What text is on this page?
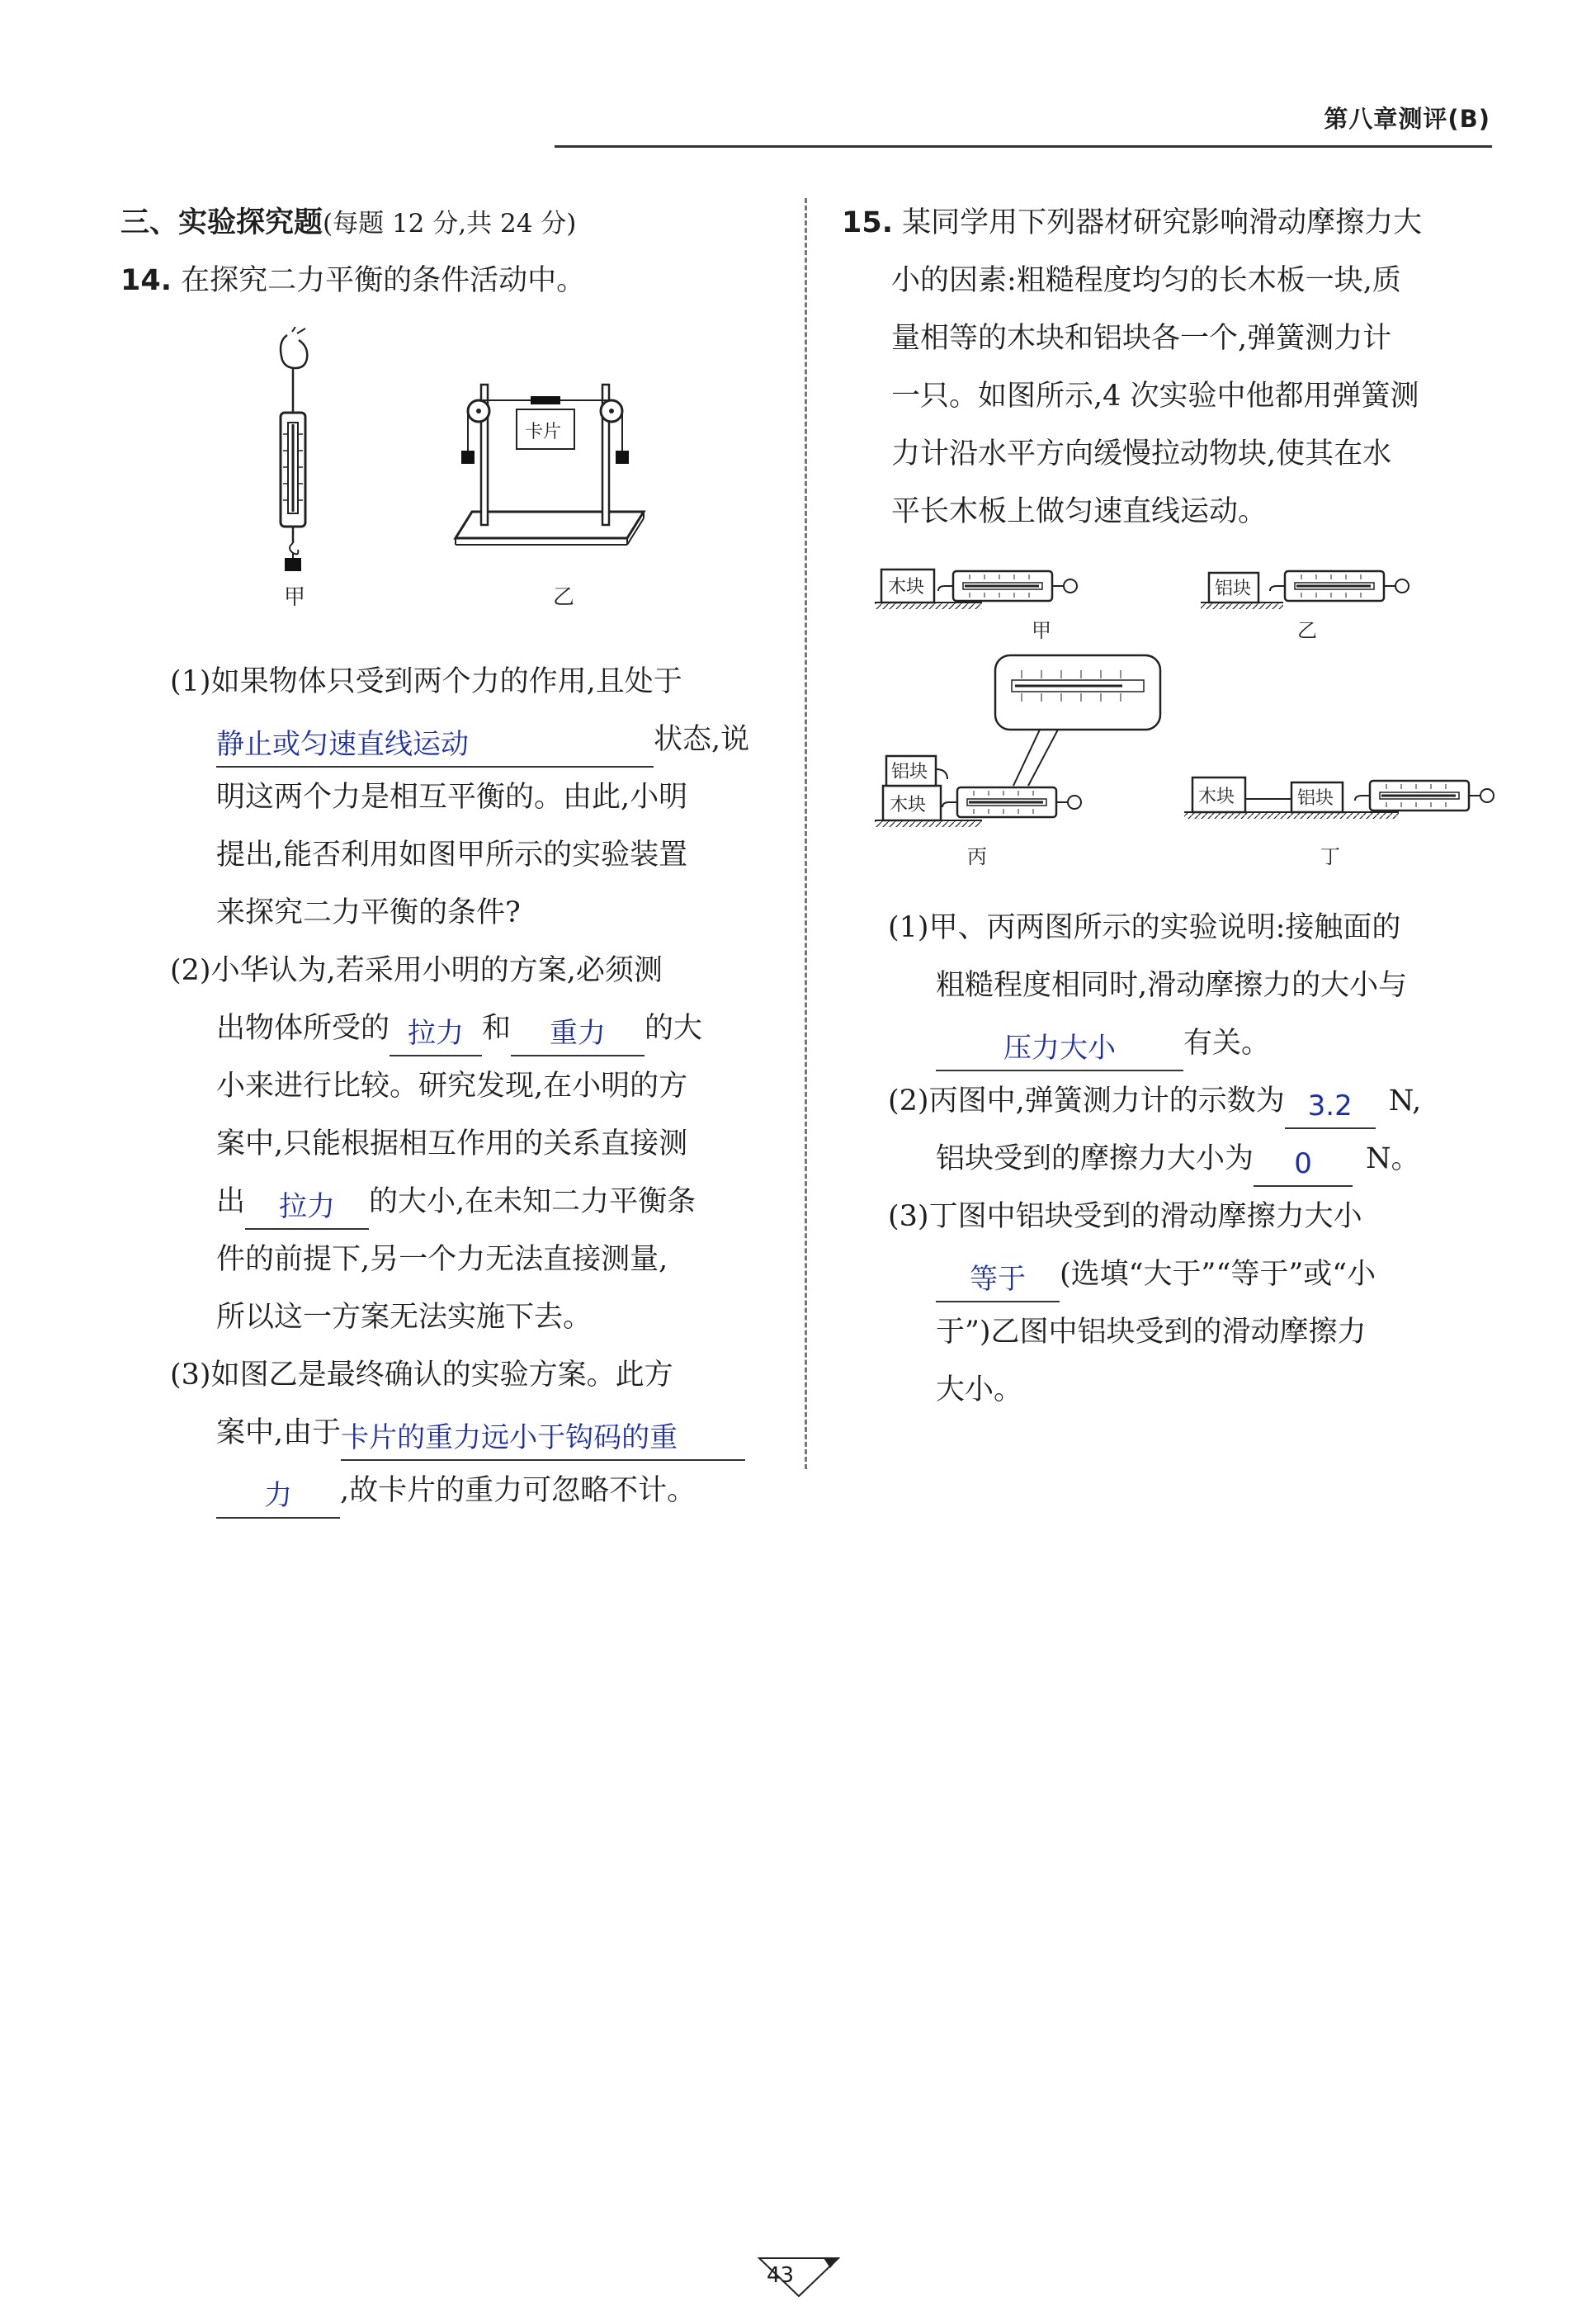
第八章测评(B)
三、实验探究题(每题 12 分,共 24 分)
14. 在探究二力平衡的条件活动中。
甲
卡片
乙
(1)如果物体只受到两个力的作用,且处于
静止或匀速直线运动	状态,说
明这两个力是相互平衡的。由此,小明
提出,能否利用如图甲所示的实验装置
来探究二力平衡的条件?
(2)小华认为,若采用小明的方案,必须测
出物体所受的 拉力 和	重力	的大
小来进行比较。研究发现,在小明的方
案中,只能根据相互作用的关系直接测
出	拉力	的大小,在未知二力平衡条
件的前提下,另一个力无法直接测量,
所以这一方案无法实施下去。
(3)如图乙是最终确认的实验方案。此方
案中,由于 卡片的重力远小于钩码的重
力	,故卡片的重力可忽略不计。
15. 某同学用下列器材研究影响滑动摩擦力大
小的因素:粗糙程度均匀的长木板一块,质
量相等的木块和铝块各一个,弹簧测力计
一只。如图所示,4 次实验中他都用弹簧测
力计沿水平方向缓慢拉动物块,使其在水
平长木板上做匀速直线运动。
木块
甲
铝块
乙
木块
铝块
丙
木块	铝块
丁
(1)甲、丙两图所示的实验说明:接触面的
粗糙程度相同时,滑动摩擦力的大小与
压力大小	有关。
(2)丙图中,弹簧测力计的示数为 3.2	N,
铝块受到的摩擦力大小为	0	N。
(3)丁图中铝块受到的滑动摩擦力大小
等于	(选填“大于”“等于”或“小
于”)乙图中铝块受到的滑动摩擦力
大小。
43
